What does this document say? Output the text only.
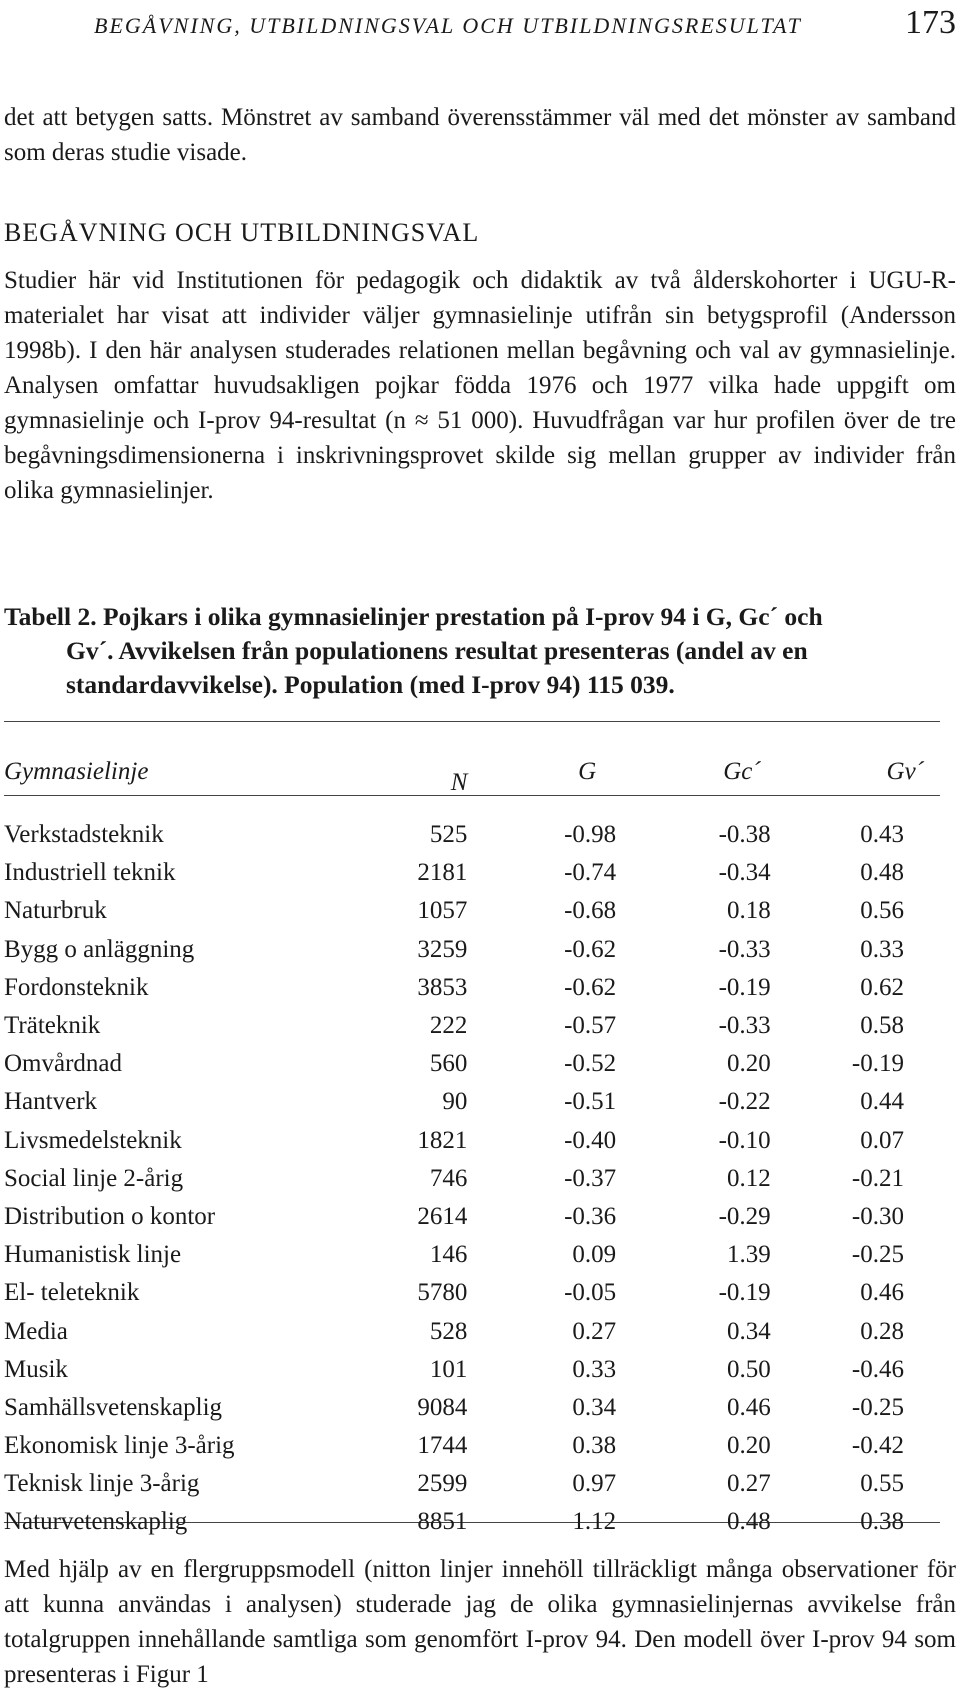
BEGÅVNING, UTBILDNINGSVAL OCH UTBILDNINGSRESULTAT	173

det att betygen satts. Mönstret av samband överensstämmer väl med det mönster av samband som deras studie visade.

BEGÅVNING OCH UTBILDNINGSVAL

Studier här vid Institutionen för pedagogik och didaktik av två ålderskohorter i UGU-R-materialet har visat att individer väljer gymnasielinje utifrån sin betygsprofil (Andersson 1998b). I den här analysen studerades relationen mellan begåvning och val av gymnasielinje. Analysen omfattar huvudsakligen pojkar födda 1976 och 1977 vilka hade uppgift om gymnasielinje och I-prov 94-resultat (n ≈ 51 000). Huvudfrågan var hur profilen över de tre begåvningsdimensionerna i inskrivningsprovet skilde sig mellan grupper av individer från olika gymnasielinjer.

Tabell 2. Pojkars i olika gymnasielinjer prestation på I-prov 94 i G, Gc´ och
Gv´. Avvikelsen från populationens resultat presenteras (andel av en
standardavvikelse). Population (med I-prov 94) 115 039.
Gymnasielinje	N	G	Gc´	Gv´
Verkstadsteknik	525	-0.98	-0.38	0.43
Industriell teknik	2181	-0.74	-0.34	0.48
Naturbruk	1057	-0.68	0.18	0.56
Bygg o anläggning	3259	-0.62	-0.33	0.33
Fordonsteknik	3853	-0.62	-0.19	0.62
Träteknik	222	-0.57	-0.33	0.58
Omvårdnad	560	-0.52	0.20	-0.19
Hantverk	90	-0.51	-0.22	0.44
Livsmedelsteknik	1821	-0.40	-0.10	0.07
Social linje 2-årig	746	-0.37	0.12	-0.21
Distribution o kontor	2614	-0.36	-0.29	-0.30
Humanistisk linje	146	0.09	1.39	-0.25
El- teleteknik	5780	-0.05	-0.19	0.46
Media	528	0.27	0.34	0.28
Musik	101	0.33	0.50	-0.46
Samhällsvetenskaplig	9084	0.34	0.46	-0.25
Ekonomisk linje 3-årig	1744	0.38	0.20	-0.42
Teknisk linje 3-årig	2599	0.97	0.27	0.55
Naturvetenskaplig	8851	1.12	0.48	0.38

Med hjälp av en flergruppsmodell (nitton linjer innehöll tillräckligt många observationer för att kunna användas i analysen) studerade jag de olika gymnasielinjernas avvikelse från totalgruppen innehållande samtliga som genomfört I-prov 94. Den modell över I-prov 94 som presenteras i Figur 1
